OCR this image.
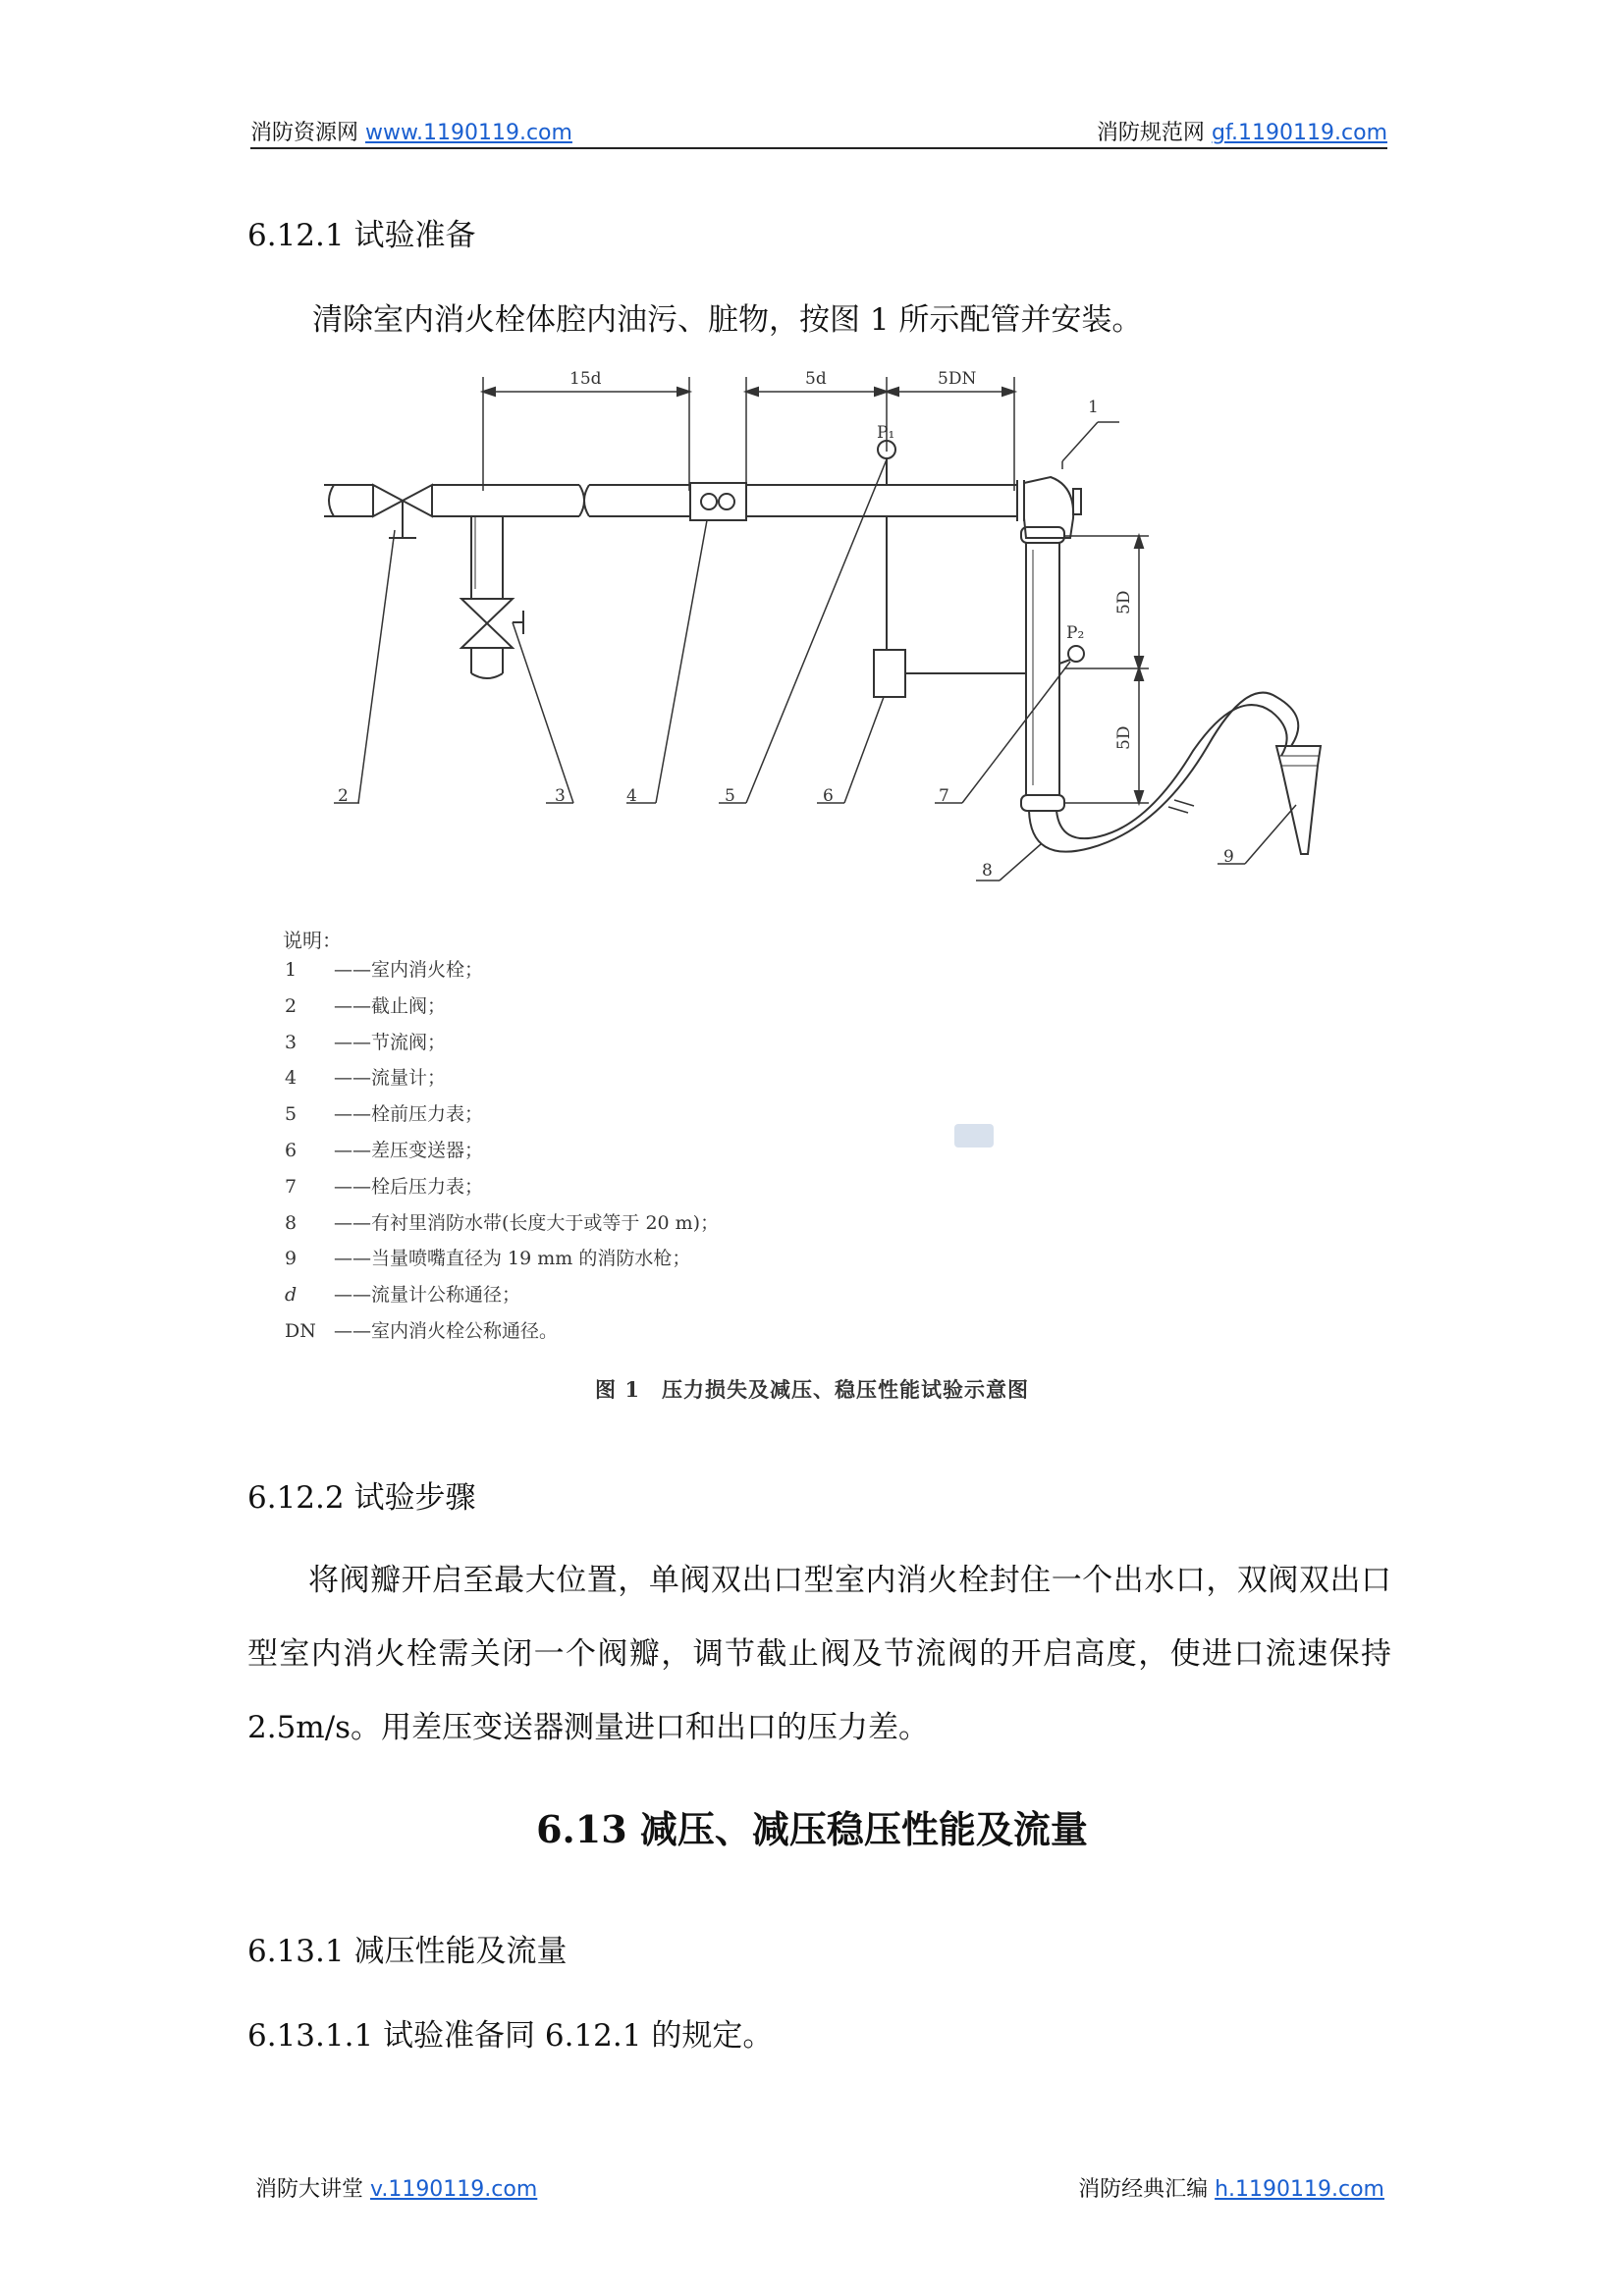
消防资源网 www.1190119.com	消防规范网 gf.1190119.com
6.12.1 试验准备
清除室内消火栓体腔内油污、脏物，按图 1 所示配管并安装。
15d	5d	5DN
P₁
P₂
5D
5D
1
2	3	4	5	6	7
8
9
说明：
1 ——室内消火栓；
2 ——截止阀；
3 ——节流阀；
4 ——流量计；
5 ——栓前压力表；
6 ——差压变送器；
7 ——栓后压力表；
8 ——有衬里消防水带(长度大于或等于 20 m)；
9 ——当量喷嘴直径为 19 mm 的消防水枪；
d ——流量计公称通径；
DN ——室内消火栓公称通径。
图 1　压力损失及减压、稳压性能试验示意图
6.12.2 试验步骤
将阀瓣开启至最大位置，单阀双出口型室内消火栓封住一个出水口，双阀双出口型室内消火栓需关闭一个阀瓣，调节截止阀及节流阀的开启高度，使进口流速保持 2.5m/s。用差压变送器测量进口和出口的压力差。
6.13 减压、减压稳压性能及流量
6.13.1 减压性能及流量
6.13.1.1 试验准备同 6.12.1 的规定。
消防大讲堂 v.1190119.com	消防经典汇编 h.1190119.com
